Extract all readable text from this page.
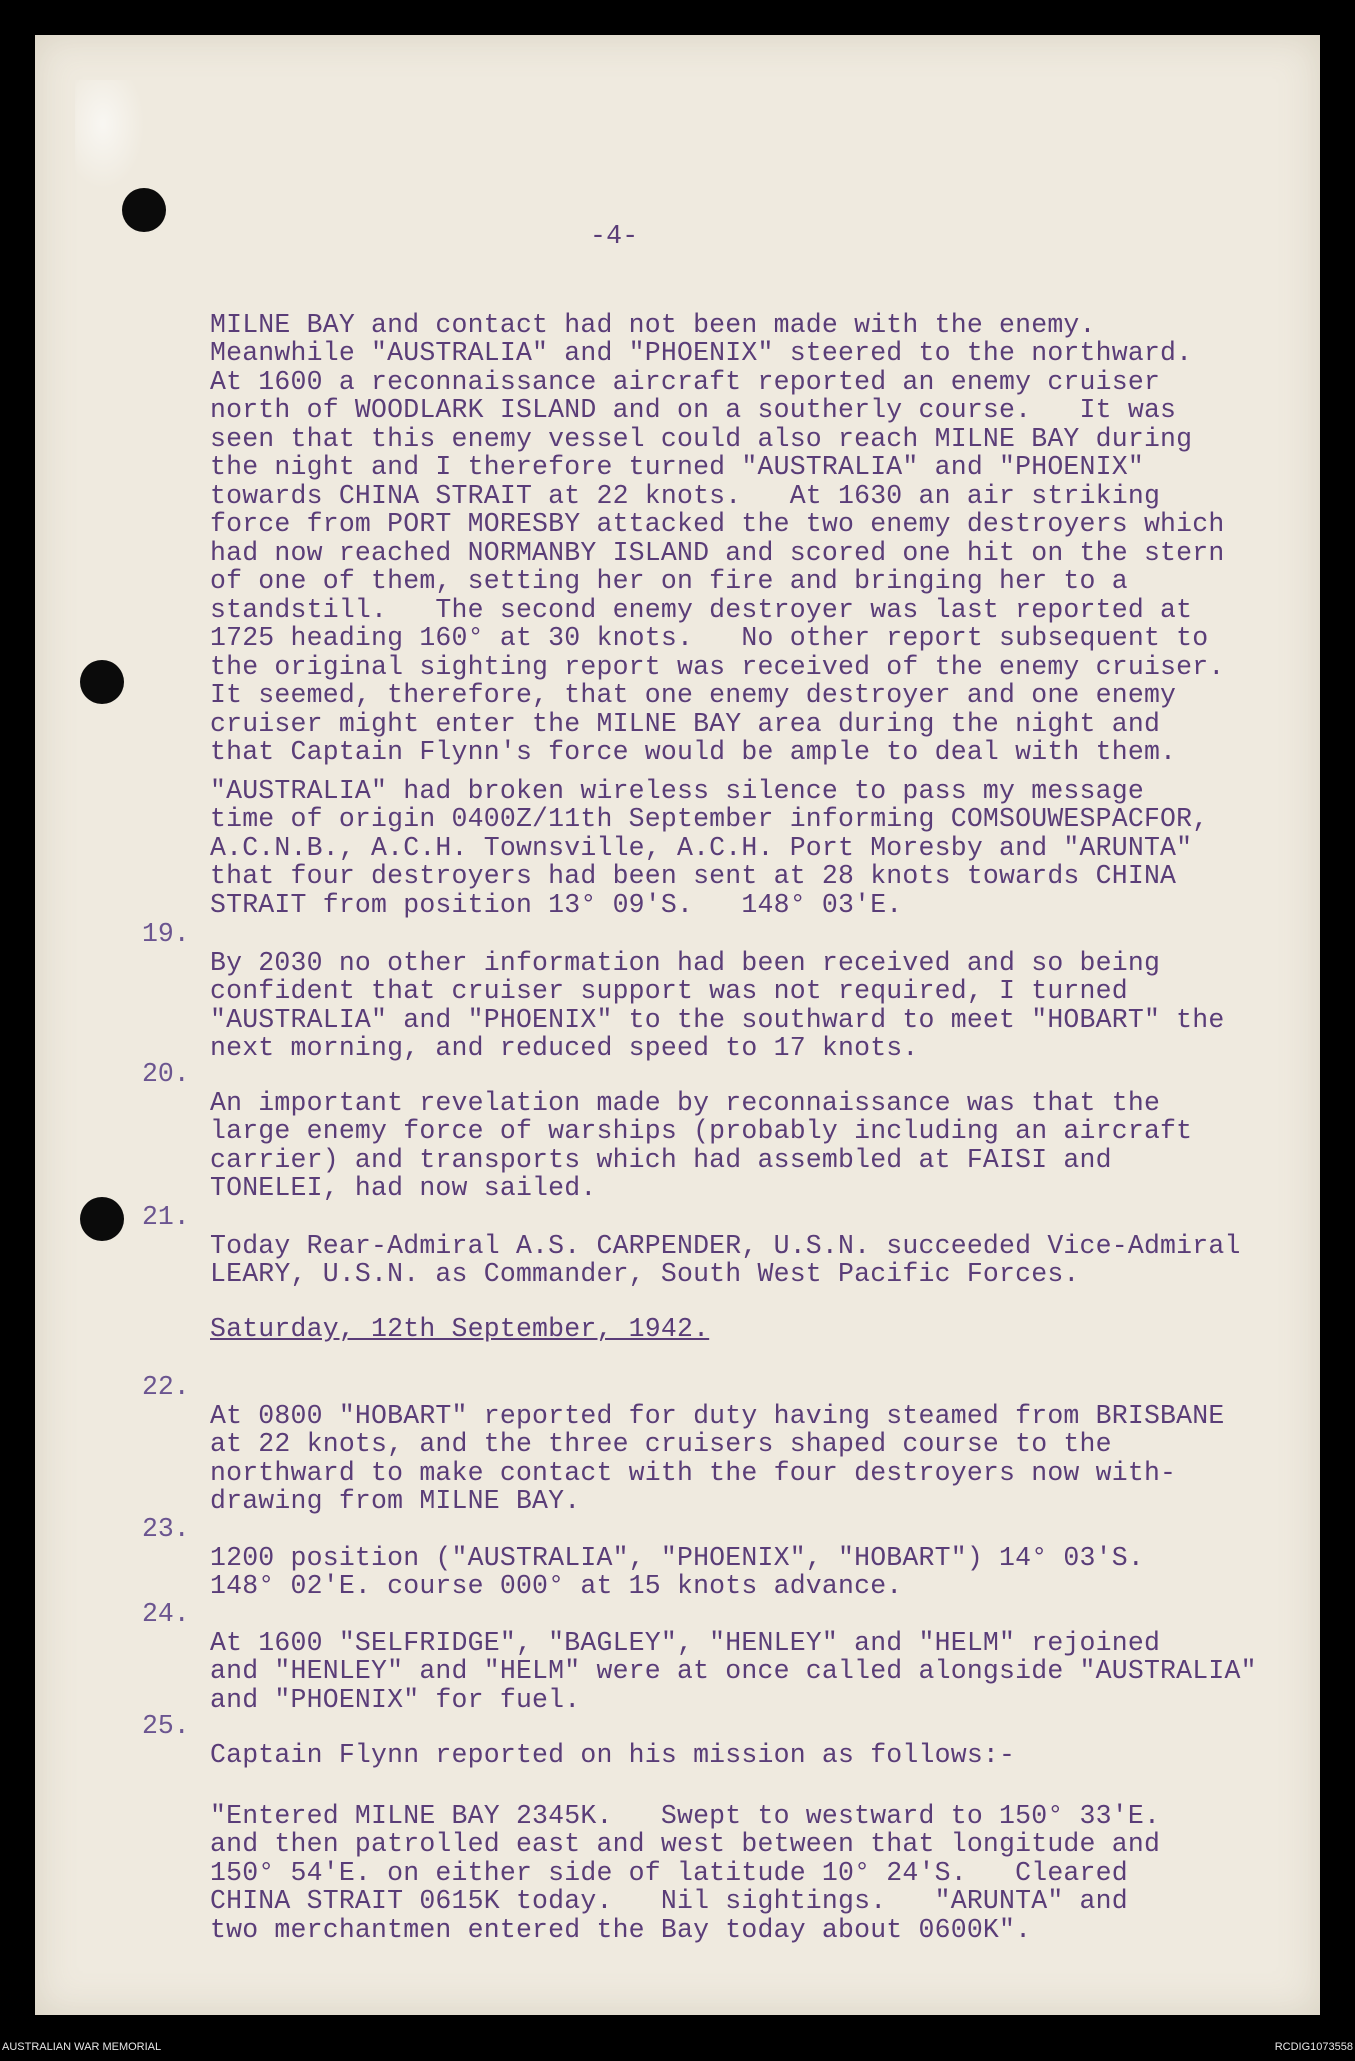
-4-

MILNE BAY and contact had not been made with the enemy.
Meanwhile "AUSTRALIA" and "PHOENIX" steered to the northward.
At 1600 a reconnaissance aircraft reported an enemy cruiser
north of WOODLARK ISLAND and on a southerly course.   It was
seen that this enemy vessel could also reach MILNE BAY during
the night and I therefore turned "AUSTRALIA" and "PHOENIX"
towards CHINA STRAIT at 22 knots.   At 1630 an air striking
force from PORT MORESBY attacked the two enemy destroyers which
had now reached NORMANBY ISLAND and scored one hit on the stern
of one of them, setting her on fire and bringing her to a
standstill.   The second enemy destroyer was last reported at
1725 heading 160° at 30 knots.   No other report subsequent to
the original sighting report was received of the enemy cruiser.
It seemed, therefore, that one enemy destroyer and one enemy
cruiser might enter the MILNE BAY area during the night and
that Captain Flynn's force would be ample to deal with them.

"AUSTRALIA" had broken wireless silence to pass my message
time of origin 0400Z/11th September informing COMSOUWESPACFOR,
A.C.N.B., A.C.H. Townsville, A.C.H. Port Moresby and "ARUNTA"
that four destroyers had been sent at 28 knots towards CHINA
STRAIT from position 13° 09'S.   148° 03'E.

19.

By 2030 no other information had been received and so being
confident that cruiser support was not required, I turned
"AUSTRALIA" and "PHOENIX" to the southward to meet "HOBART" the
next morning, and reduced speed to 17 knots.

20.

An important revelation made by reconnaissance was that the
large enemy force of warships (probably including an aircraft
carrier) and transports which had assembled at FAISI and
TONELEI, had now sailed.

21.

Today Rear-Admiral A.S. CARPENDER, U.S.N. succeeded Vice-Admiral
LEARY, U.S.N. as Commander, South West Pacific Forces.

Saturday, 12th September, 1942.
22.

At 0800 "HOBART" reported for duty having steamed from BRISBANE
at 22 knots, and the three cruisers shaped course to the
northward to make contact with the four destroyers now with-
drawing from MILNE BAY.

23.

1200 position ("AUSTRALIA", "PHOENIX", "HOBART") 14° 03'S.
148° 02'E. course 000° at 15 knots advance.

24.

At 1600 "SELFRIDGE", "BAGLEY", "HENLEY" and "HELM" rejoined
and "HENLEY" and "HELM" were at once called alongside "AUSTRALIA"
and "PHOENIX" for fuel.

25.

Captain Flynn reported on his mission as follows:-

"Entered MILNE BAY 2345K.   Swept to westward to 150° 33'E.
and then patrolled east and west between that longitude and
150° 54'E. on either side of latitude 10° 24'S.   Cleared
CHINA STRAIT 0615K today.   Nil sightings.   "ARUNTA" and
two merchantmen entered the Bay today about 0600K".

AUSTRALIAN WAR MEMORIAL	RCDIG1073558
